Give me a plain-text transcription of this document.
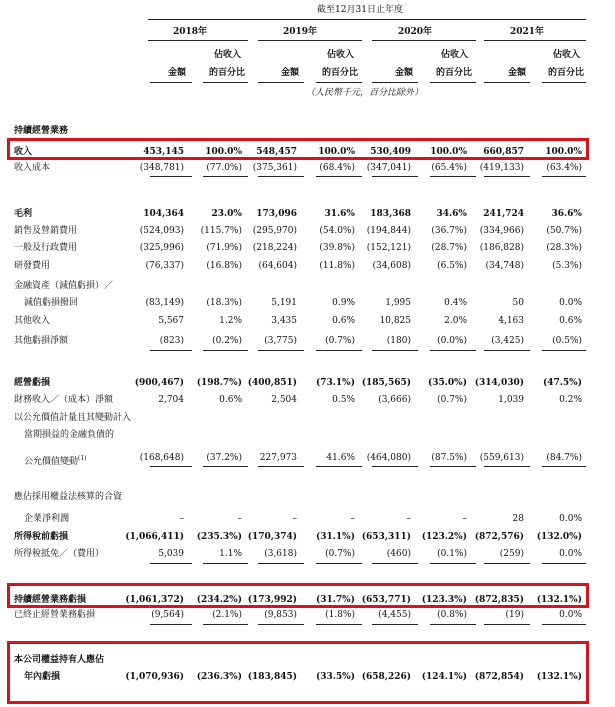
截至12月31日止年度
2018年	2019年	2020年	2021年
佔收入	佔收入	佔收入	佔收入
金額	的百分比	金額	的百分比	金額	的百分比	金額	的百分比
（人民幣千元，百分比除外）
持續經營業務
收入	453,145	100.0%	548,457	100.0%	530,409	100.0%	660,857	100.0%
收入成本	(348,781)	(77.0%)	(375,361)	(68.4%)	(347,041)	(65.4%)	(419,133)	(63.4%)
毛利	104,364	23.0%	173,096	31.6%	183,368	34.6%	241,724	36.6%
銷售及營銷費用	(524,093)	(115.7%)	(295,970)	(54.0%)	(194,844)	(36.7%)	(334,966)	(50.7%)
一般及行政費用	(325,996)	(71.9%)	(218,224)	(39.8%)	(152,121)	(28.7%)	(186,828)	(28.3%)
研發費用	(76,337)	(16.8%)	(64,604)	(11.8%)	(34,608)	(6.5%)	(34,748)	(5.3%)
金融資產（減值虧損）／
減值虧損撥回	(83,149)	(18.3%)	5,191	0.9%	1,995	0.4%	50	0.0%
其他收入	5,567	1.2%	3,435	0.6%	10,825	2.0%	4,163	0.6%
其他虧損淨額	(823)	(0.2%)	(3,775)	(0.7%)	(180)	(0.0%)	(3,425)	(0.5%)
經營虧損	(900,467)	(198.7%) (400,851)	(73.1%) (185,565)	(35.0%) (314,030)	(47.5%)
財務收入／（成本）淨額	2,704	0.6%	2,504	0.5%	(3,666)	(0.7%)	1,039	0.2%
以公允價值計量且其變動計入
當期損益的金融負債的
公允價值變動$^{(1)}$	(168,648)	(37.2%)	227,973	41.6%	(464,080)	(87.5%)	(559,613)	(84.7%)
應佔採用權益法核算的合資
企業淨利潤	–	–	–	–	–	–	28	0.0%
所得稅前虧損	(1,066,411)	(235.3%) (170,374)	(31.1%) (653,311)	(123.2%) (872,576)	(132.0%)
所得稅抵免／（費用）	5,039	1.1%	(3,618)	(0.7%)	(460)	(0.1%)	(259)	0.0%
持續經營業務虧損	(1,061,372)	(234.2%) (173,992)	(31.7%) (653,771)	(123.3%) (872,835)	(132.1%)
已終止經營業務虧損	(9,564)	(2.1%)	(9,853)	(1.8%)	(4,455)	(0.8%)	(19)	0.0%
本公司權益持有人應佔
年內虧損	(1,070,936)	(236.3%) (183,845)	(33.5%) (658,226)	(124.1%) (872,854)	(132.1%)
